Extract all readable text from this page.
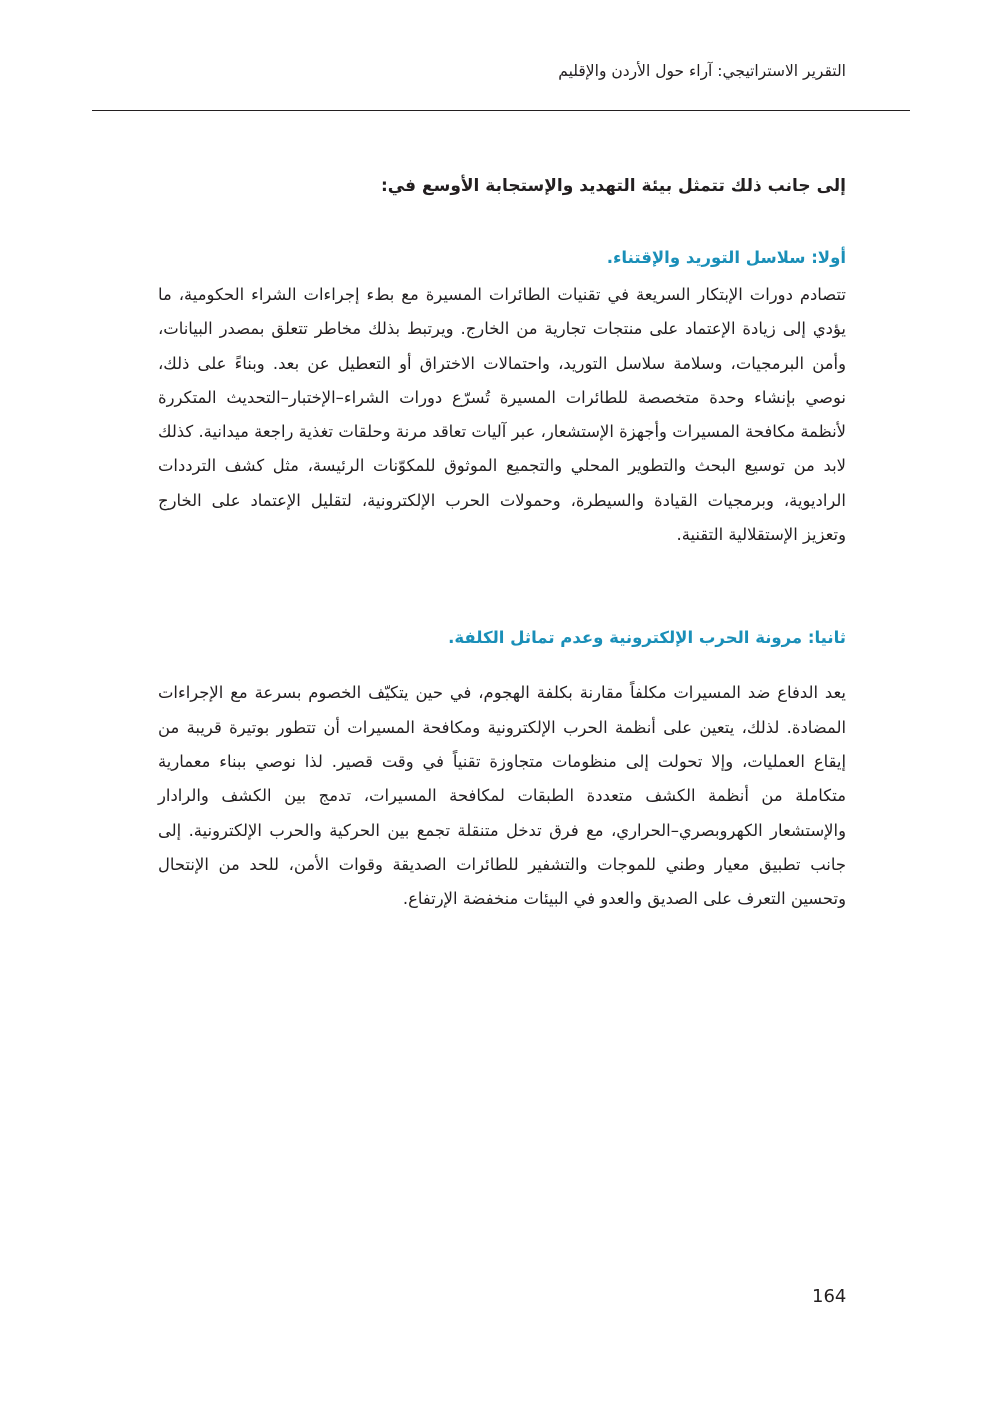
التقرير الاستراتيجي: آراء حول الأردن والإقليم

إلى جانب ذلك تتمثل بيئة التهديد والإستجابة الأوسع في:

أولا: سلاسل التوريد والإقتناء.

تتصادم دورات الإبتكار السريعة في تقنيات الطائرات المسيرة مع بطء إجراءات الشراء الحكومية، ما يؤدي إلى زيادة الإعتماد على منتجات تجارية من الخارج. ويرتبط بذلك مخاطر تتعلق بمصدر البيانات، وأمن البرمجيات، وسلامة سلاسل التوريد، واحتمالات الاختراق أو التعطيل عن بعد. وبناءً على ذلك، نوصي بإنشاء وحدة متخصصة للطائرات المسيرة تُسرّع دورات الشراء–الإختبار–التحديث المتكررة لأنظمة مكافحة المسيرات وأجهزة الإستشعار، عبر آليات تعاقد مرنة وحلقات تغذية راجعة ميدانية. كذلك لابد من توسيع البحث والتطوير المحلي والتجميع الموثوق للمكوّنات الرئيسة، مثل كشف الترددات الراديوية، وبرمجيات القيادة والسيطرة، وحمولات الحرب الإلكترونية، لتقليل الإعتماد على الخارج وتعزيز الإستقلالية التقنية.

ثانيا: مرونة الحرب الإلكترونية وعدم تماثل الكلفة.

يعد الدفاع ضد المسيرات مكلفاً مقارنة بكلفة الهجوم، في حين يتكيّف الخصوم بسرعة مع الإجراءات المضادة. لذلك، يتعين على أنظمة الحرب الإلكترونية ومكافحة المسيرات أن تتطور بوتيرة قريبة من إيقاع العمليات، وإلا تحولت إلى منظومات متجاوزة تقنياً في وقت قصير. لذا نوصي ببناء معمارية متكاملة من أنظمة الكشف متعددة الطبقات لمكافحة المسيرات، تدمج بين الكشف والرادار والإستشعار الكهروبصري–الحراري، مع فرق تدخل متنقلة تجمع بين الحركية والحرب الإلكترونية. إلى جانب تطبيق معيار وطني للموجات والتشفير للطائرات الصديقة وقوات الأمن، للحد من الإنتحال وتحسين التعرف على الصديق والعدو في البيئات منخفضة الإرتفاع.

164
